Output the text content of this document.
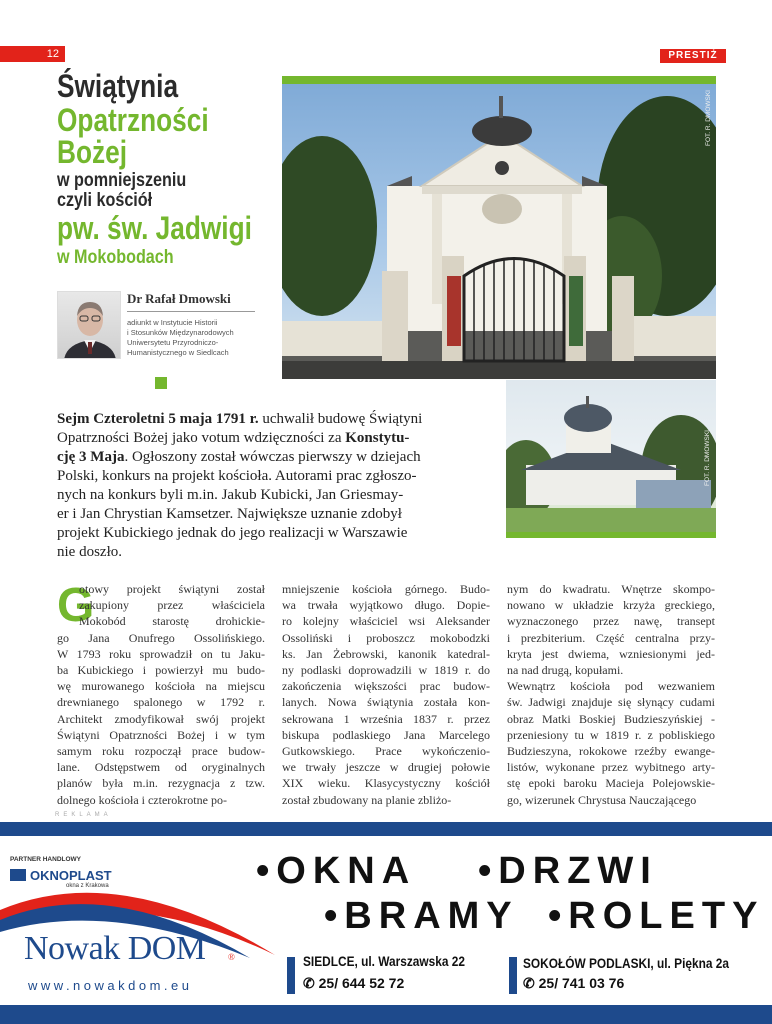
12	PRESTIŻ
Świątynia
Opatrzności
Bożej
w pomniejszeniu
czyli kościół
pw. św. Jadwigi
w Mokobodach
Dr Rafał Dmowski
adiunkt w Instytucie Historii
i Stosunków Międzynarodowych
Uniwersytetu Przyrodniczo-
Humanistycznego w Siedlcach
FOT. R. DMOWSKI
FOT. R. DMOWSKI

Sejm Czteroletni 5 maja 1791 r. uchwalił budowę Świątyni

Opatrzności Bożej jako votum wdzięczności za Konstytu-

cję 3 Maja. Ogłoszony został wówczas pierwszy w dziejach

Polski, konkurs na projekt kościoła. Autorami prac zgłoszo-

nych na konkurs byli m.in. Jakub Kubicki, Jan Griesmay-

er i Jan Chrystian Kamsetzer. Największe uznanie zdobył

projekt Kubickiego jednak do jego realizacji w Warszawie

nie doszło.

G
otowy projekt świątyni został
zakupiony przez właściciela
Mokobód starostę drohickie-
go Jana Onufrego Ossolińskiego.
W 1793 roku sprowadził on tu Jaku-
ba Kubickiego i powierzył mu budo-
wę murowanego kościoła na miejscu
drewnianego spalonego w 1792 r.
Architekt zmodyfikował swój projekt
Świątyni Opatrzności Bożej i w tym
samym roku rozpoczął prace budow-
lane. Odstępstwem od oryginalnych
planów była m.in. rezygnacja z tzw.
dolnego kościoła i czterokrotne po-
mniejszenie kościoła górnego. Budo-
wa trwała wyjątkowo długo. Dopie-
ro kolejny właściciel wsi Aleksander
Ossoliński i proboszcz mokobodzki
ks. Jan Żebrowski, kanonik katedral-
ny podlaski doprowadzili w 1819 r. do
zakończenia większości prac budow-
lanych. Nowa świątynia została kon-
sekrowana 1 września 1837 r. przez
biskupa podlaskiego Jana Marcelego
Gutkowskiego. Prace wykończenio-
we trwały jeszcze w drugiej połowie
XIX wieku. Klasycystyczny kościół
został zbudowany na planie zbliżo-
nym do kwadratu. Wnętrze skompo-
nowano w układzie krzyża greckiego,
wyznaczonego przez nawę, transept
i prezbiterium. Część centralna przy-
kryta jest dwiema, wzniesionymi jed-
na nad drugą, kopułami.
Wewnątrz kościoła pod wezwaniem
św. Jadwigi znajduje się słynący cudami
obraz Matki Boskiej Budzieszyńskiej -
przeniesiony tu w 1819 r. z pobliskiego
Budzieszyna, rokokowe rzeźby ewange-
listów, wykonane przez wybitnego arty-
stę epoki baroku Macieja Polejowskie-
go, wizerunek Chrystusa Nauczającego
REKLAMA
PARTNER HANDLOWY
OKNOPLAST
okna z Krakowa
Nowak DOM ®
www.nowakdom.eu
•OKNA •DRZWI
•BRAMY •ROLETY
SIEDLCE, ul. Warszawska 22
✆ 25/ 644 52 72
SOKOŁÓW PODLASKI, ul. Piękna 2a
✆ 25/ 741 03 76
